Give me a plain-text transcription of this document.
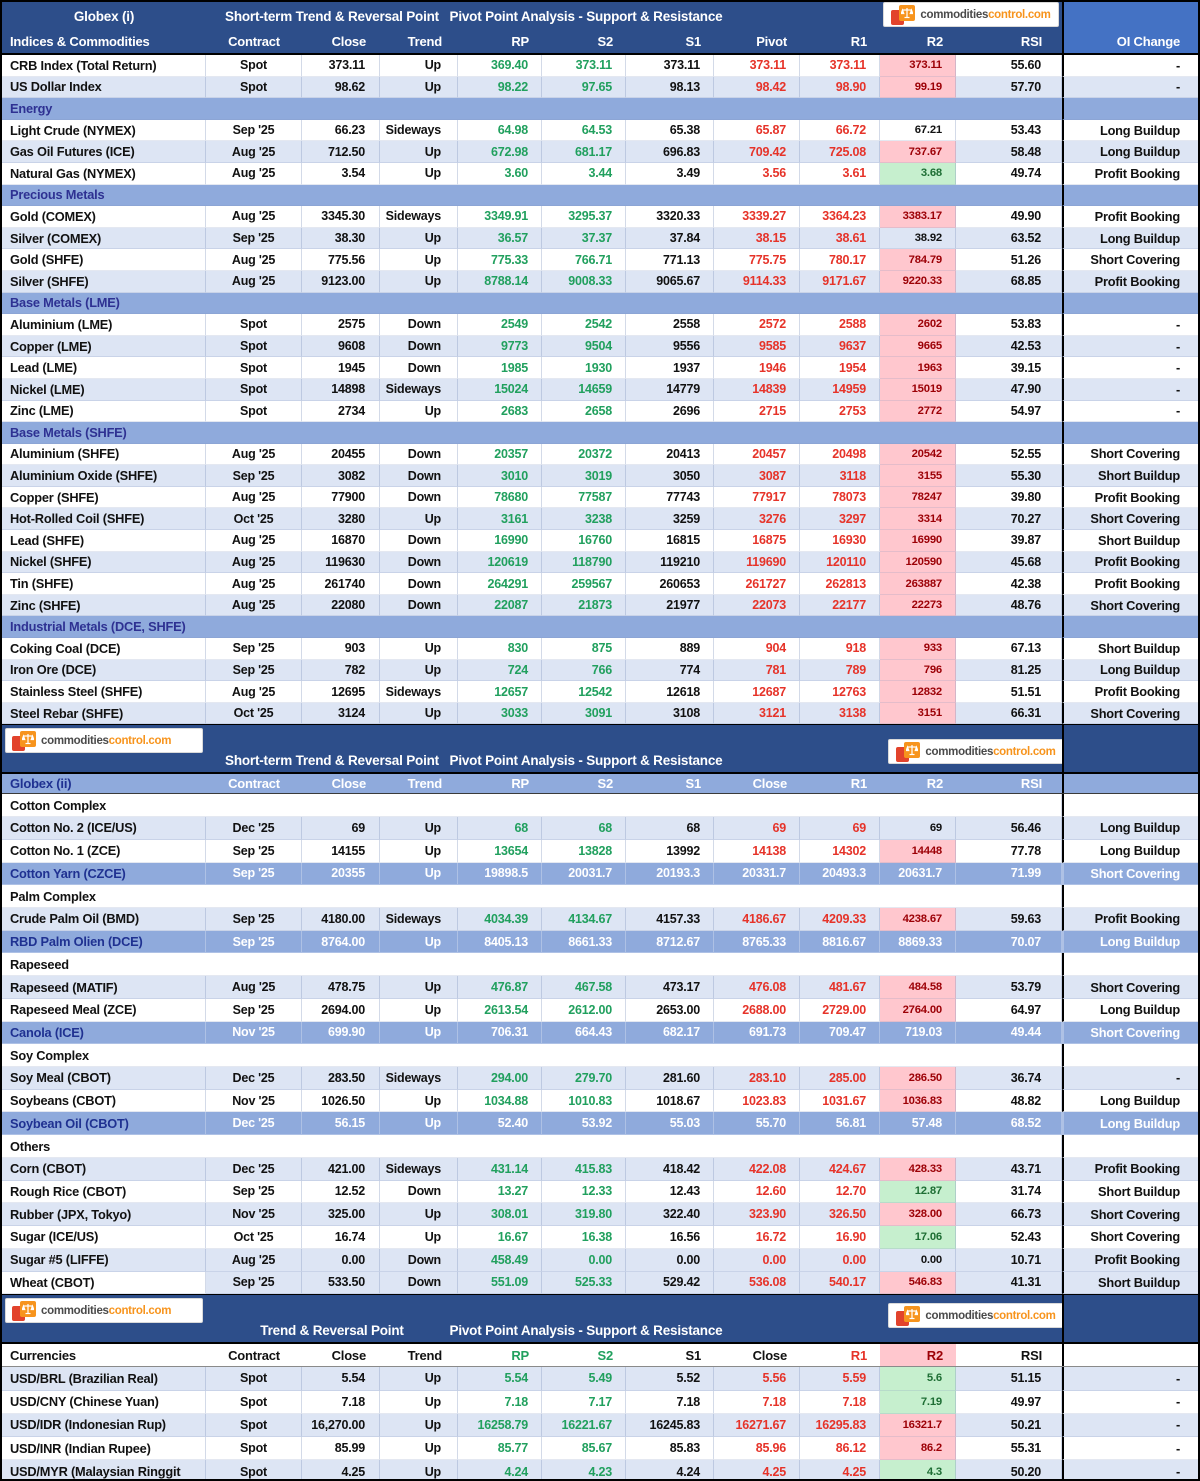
Globex (i)	Short-term Trend & Reversal Point Pivot Point Analysis - Support & Resistance	commoditiescontrol.com
Indices & Commodities	Contract	Close	Trend	RP	S2	S1	Pivot	R1	R2	RSI	OI Change
CRB Index (Total Return)	Spot	373.11	Up	369.40	373.11	373.11	373.11	373.11	373.11	55.60	-
US Dollar Index	Spot	98.62	Up	98.22	97.65	98.13	98.42	98.90	99.19	57.70	-
Energy
Light Crude (NYMEX)	Sep '25	66.23	Sideways	64.98	64.53	65.38	65.87	66.72	67.21	53.43	Long Buildup
Gas Oil Futures (ICE)	Aug '25	712.50	Up	672.98	681.17	696.83	709.42	725.08	737.67	58.48	Long Buildup
Natural Gas (NYMEX)	Aug '25	3.54	Up	3.60	3.44	3.49	3.56	3.61	3.68	49.74	Profit Booking
Precious Metals
Gold (COMEX)	Aug '25	3345.30	Sideways	3349.91	3295.37	3320.33	3339.27	3364.23	3383.17	49.90	Profit Booking
Silver (COMEX)	Sep '25	38.30	Up	36.57	37.37	37.84	38.15	38.61	38.92	63.52	Long Buildup
Gold (SHFE)	Aug '25	775.56	Up	775.33	766.71	771.13	775.75	780.17	784.79	51.26	Short Covering
Silver (SHFE)	Aug '25	9123.00	Up	8788.14	9008.33	9065.67	9114.33	9171.67	9220.33	68.85	Profit Booking
Base Metals (LME)
Aluminium (LME)	Spot	2575	Down	2549	2542	2558	2572	2588	2602	53.83	-
Copper (LME)	Spot	9608	Down	9773	9504	9556	9585	9637	9665	42.53	-
Lead (LME)	Spot	1945	Down	1985	1930	1937	1946	1954	1963	39.15	-
Nickel (LME)	Spot	14898	Sideways	15024	14659	14779	14839	14959	15019	47.90	-
Zinc (LME)	Spot	2734	Up	2683	2658	2696	2715	2753	2772	54.97	-
Base Metals (SHFE)
Aluminium (SHFE)	Aug '25	20455	Down	20357	20372	20413	20457	20498	20542	52.55	Short Covering
Aluminium Oxide (SHFE)	Sep '25	3082	Down	3010	3019	3050	3087	3118	3155	55.30	Short Buildup
Copper (SHFE)	Aug '25	77900	Down	78680	77587	77743	77917	78073	78247	39.80	Profit Booking
Hot-Rolled Coil (SHFE)	Oct '25	3280	Up	3161	3238	3259	3276	3297	3314	70.27	Short Covering
Lead (SHFE)	Aug '25	16870	Down	16990	16760	16815	16875	16930	16990	39.87	Short Buildup
Nickel (SHFE)	Aug '25	119630	Down	120619	118790	119210	119690	120110	120590	45.68	Profit Booking
Tin (SHFE)	Aug '25	261740	Down	264291	259567	260653	261727	262813	263887	42.38	Profit Booking
Zinc (SHFE)	Aug '25	22080	Down	22087	21873	21977	22073	22177	22273	48.76	Short Covering
Industrial Metals (DCE, SHFE)
Coking Coal (DCE)	Sep '25	903	Up	830	875	889	904	918	933	67.13	Short Buildup
Iron Ore (DCE)	Sep '25	782	Up	724	766	774	781	789	796	81.25	Long Buildup
Stainless Steel (SHFE)	Aug '25	12695	Sideways	12657	12542	12618	12687	12763	12832	51.51	Profit Booking
Steel Rebar (SHFE)	Oct '25	3124	Up	3033	3091	3108	3121	3138	3151	66.31	Short Covering
commoditiescontrol.com
Short-term Trend & Reversal Point Pivot Point Analysis - Support & Resistance
commoditiescontrol.com
Globex (ii)	Contract	Close	Trend	RP	S2	S1	Close	R1	R2	RSI
Cotton Complex
Cotton No. 2 (ICE/US)	Dec '25	69	Up	68	68	68	69	69	69	56.46	Long Buildup
Cotton No. 1 (ZCE)	Sep '25	14155	Up	13654	13828	13992	14138	14302	14448	77.78	Long Buildup
Cotton Yarn (CZCE)	Sep '25	20355	Up	19898.5	20031.7	20193.3	20331.7	20493.3	20631.7	71.99	Short Covering
Palm Complex
Crude Palm Oil (BMD)	Sep '25	4180.00	Sideways	4034.39	4134.67	4157.33	4186.67	4209.33	4238.67	59.63	Profit Booking
RBD Palm Olien (DCE)	Sep '25	8764.00	Up	8405.13	8661.33	8712.67	8765.33	8816.67	8869.33	70.07	Long Buildup
Rapeseed
Rapeseed (MATIF)	Aug '25	478.75	Up	476.87	467.58	473.17	476.08	481.67	484.58	53.79	Short Covering
Rapeseed Meal (ZCE)	Sep '25	2694.00	Up	2613.54	2612.00	2653.00	2688.00	2729.00	2764.00	64.97	Long Buildup
Canola (ICE)	Nov '25	699.90	Up	706.31	664.43	682.17	691.73	709.47	719.03	49.44	Short Covering
Soy Complex
Soy Meal (CBOT)	Dec '25	283.50	Sideways	294.00	279.70	281.60	283.10	285.00	286.50	36.74	-
Soybeans (CBOT)	Nov '25	1026.50	Up	1034.88	1010.83	1018.67	1023.83	1031.67	1036.83	48.82	Long Buildup
Soybean Oil (CBOT)	Dec '25	56.15	Up	52.40	53.92	55.03	55.70	56.81	57.48	68.52	Long Buildup
Others
Corn (CBOT)	Dec '25	421.00	Sideways	431.14	415.83	418.42	422.08	424.67	428.33	43.71	Profit Booking
Rough Rice (CBOT)	Sep '25	12.52	Down	13.27	12.33	12.43	12.60	12.70	12.87	31.74	Short Buildup
Rubber (JPX, Tokyo)	Nov '25	325.00	Up	308.01	319.80	322.40	323.90	326.50	328.00	66.73	Short Covering
Sugar (ICE/US)	Oct '25	16.74	Up	16.67	16.38	16.56	16.72	16.90	17.06	52.43	Short Covering
Sugar #5 (LIFFE)	Aug '25	0.00	Down	458.49	0.00	0.00	0.00	0.00	0.00	10.71	Profit Booking
Wheat (CBOT)	Sep '25	533.50	Down	551.09	525.33	529.42	536.08	540.17	546.83	41.31	Short Buildup
commoditiescontrol.com
Trend & Reversal Point	Pivot Point Analysis - Support & Resistance
commoditiescontrol.com
Currencies	Contract	Close	Trend	RP	S2	S1	Close	R1	R2	RSI
USD/BRL (Brazilian Real)	Spot	5.54	Up	5.54	5.49	5.52	5.56	5.59	5.6	51.15	-
USD/CNY (Chinese Yuan)	Spot	7.18	Up	7.18	7.17	7.18	7.18	7.18	7.19	49.97	-
USD/IDR (Indonesian Rup)	Spot	16,270.00	Up	16258.79	16221.67	16245.83	16271.67	16295.83	16321.7	50.21	-
USD/INR (Indian Rupee)	Spot	85.99	Up	85.77	85.67	85.83	85.96	86.12	86.2	55.31	-
USD/MYR (Malaysian Ringgit	Spot	4.25	Up	4.24	4.23	4.24	4.25	4.25	4.3	50.20	-
